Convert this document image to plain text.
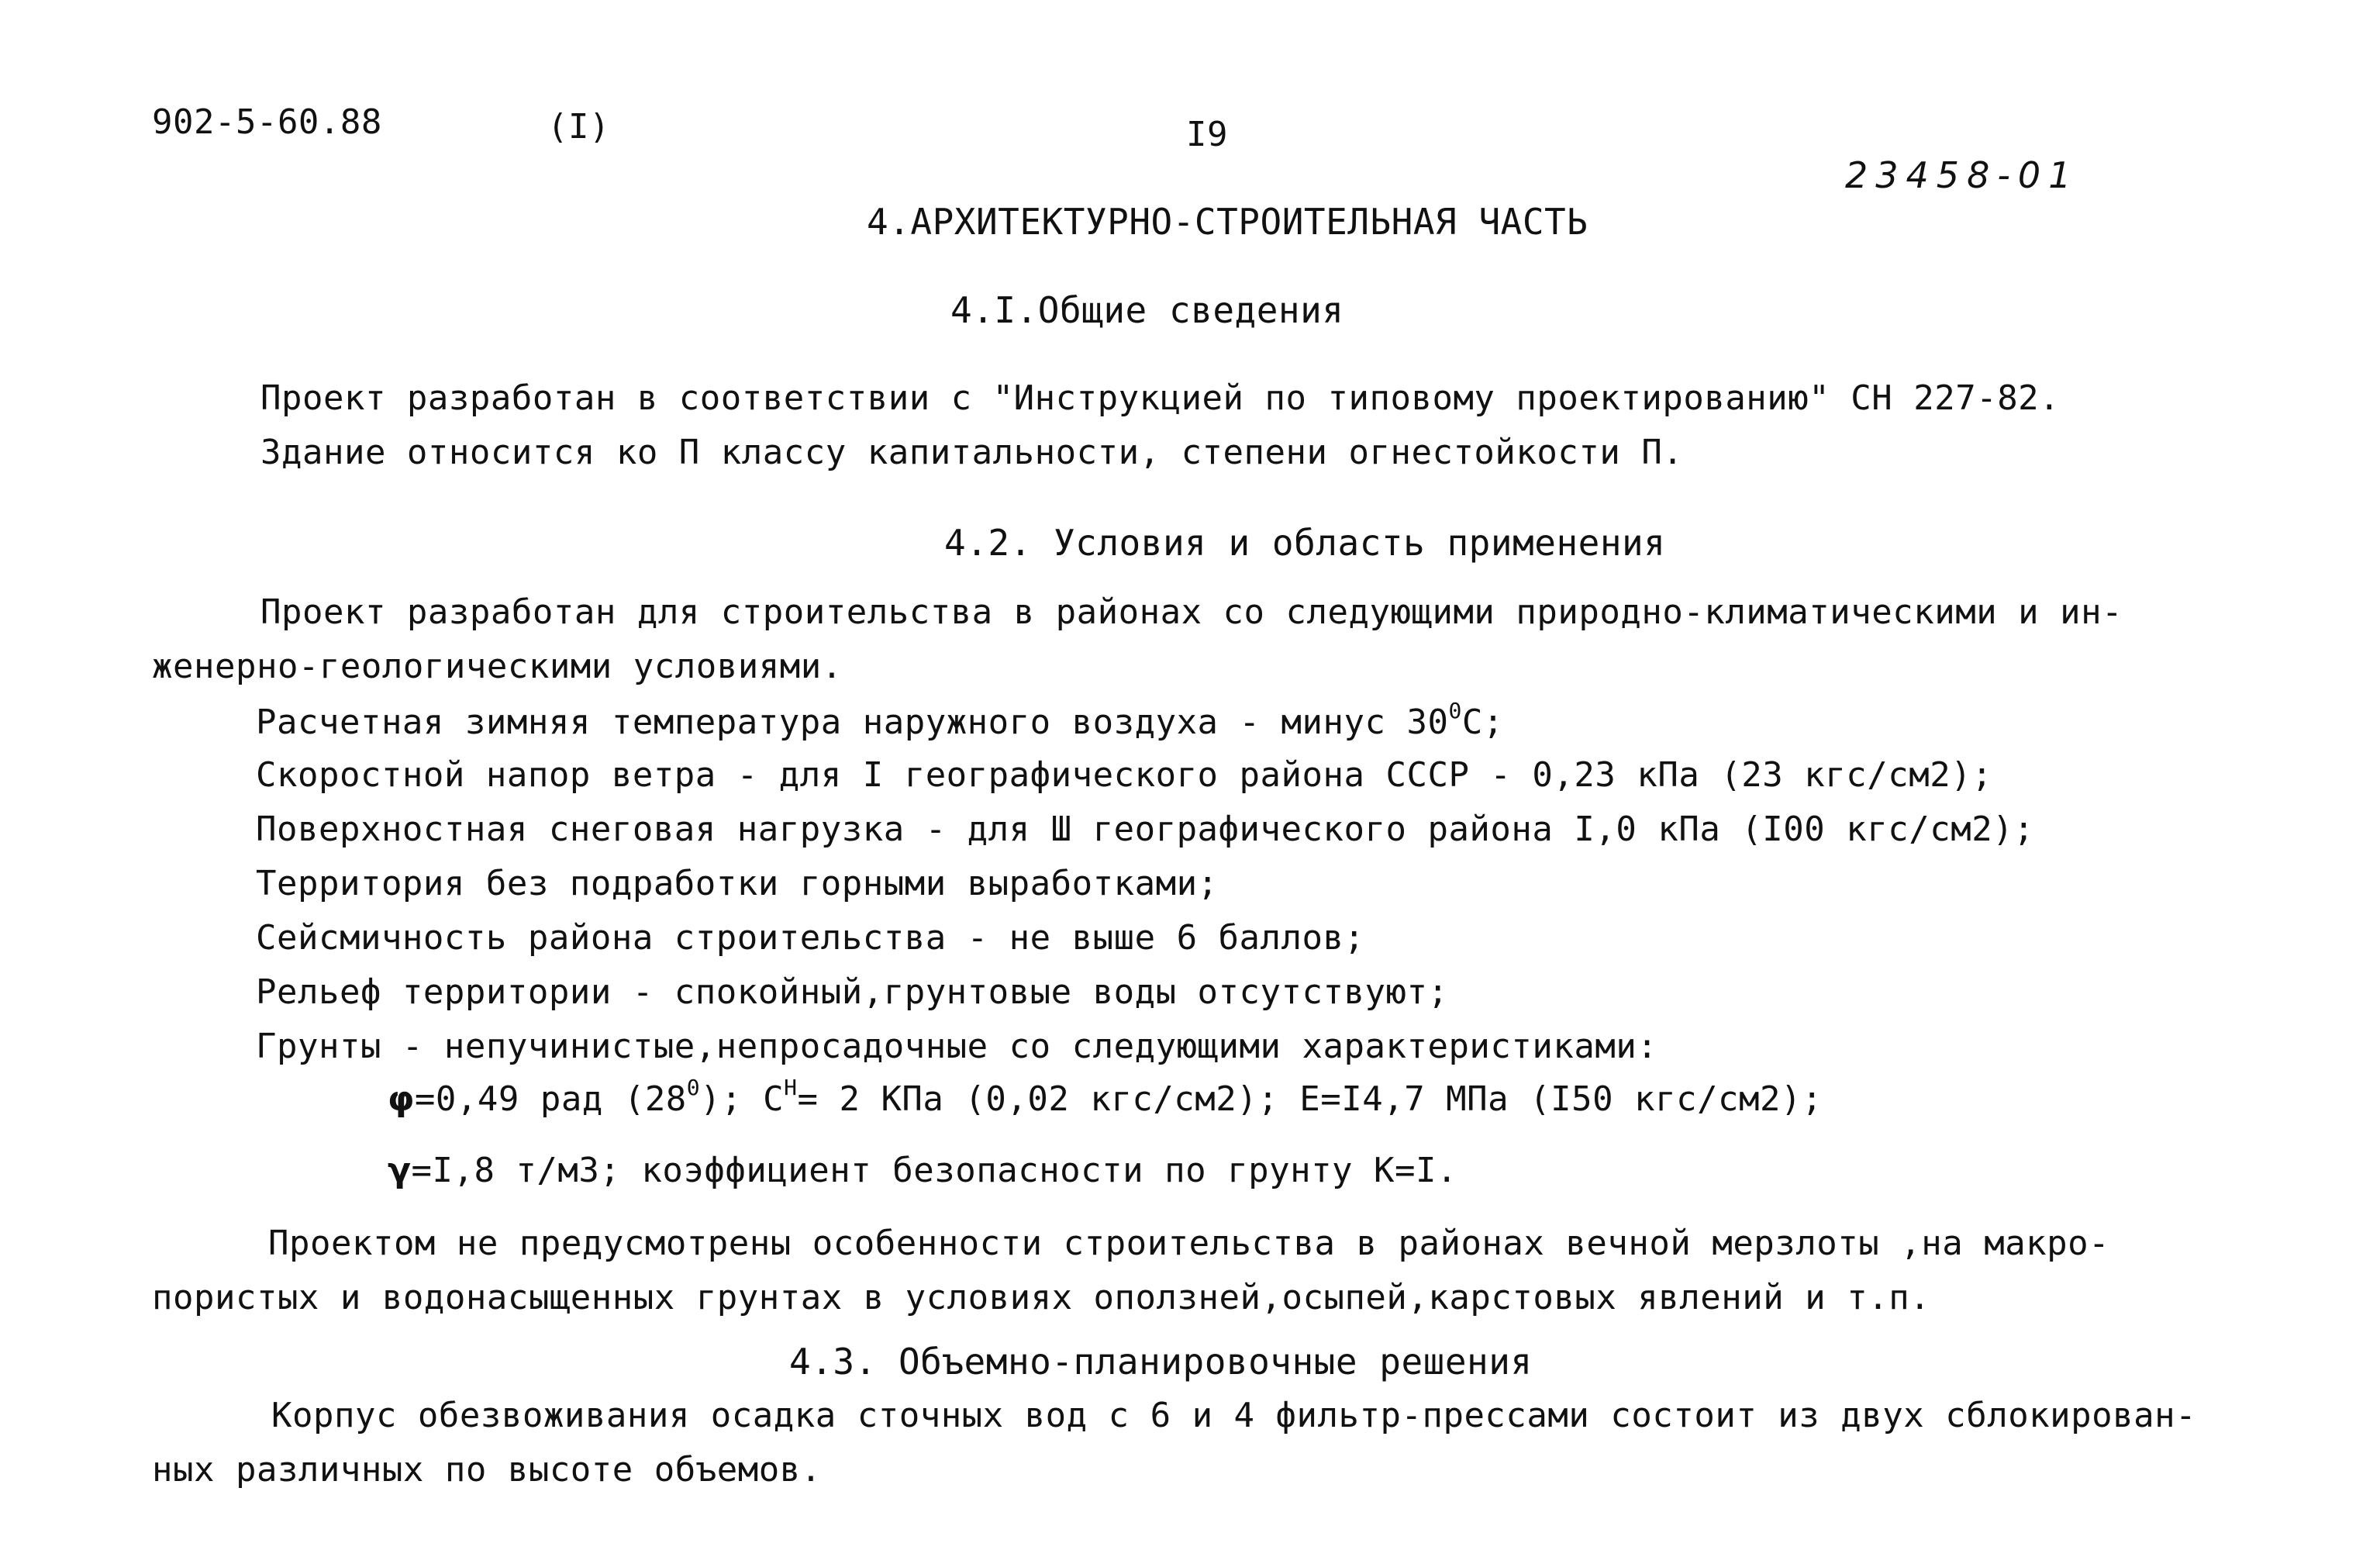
902-5-60.88	(I)	I9
23458-01
4.АРХИТЕКТУРНО-СТРОИТЕЛЬНАЯ ЧАСТЬ
4.I.Общие сведения
Проект разработан в соответствии с "Инструкцией по типовому проектированию" СН 227-82.
Здание относится ко П классу капитальности, степени огнестойкости П.
4.2. Условия и область применения
Проект разработан для строительства в районах со следующими природно-климатическими и ин-
женерно-геологическими условиями.
Расчетная зимняя температура наружного воздуха - минус $30^0С$;
Скоростной напор ветра - для I географического района СССР - 0,23 кПа (23 кгс/см2);
Поверхностная снеговая нагрузка - для Ш географического района I,0 кПа (I00 кгс/см2);
Территория без подработки горными выработками;
Сейсмичность района строительства - не выше 6 баллов;
Рельеф территории - спокойный,грунтовые воды отсутствуют;
Грунты - непучинистые,непросадочные со следующими характеристиками:
φ=0,49 рад $(28^0)$; $С^Н= 2$ КПа (0,02 кгс/см2); Е=I4,7 МПа (I50 кгс/см2);
γ=I,8 т/м3; коэффициент безопасности по грунту К=I.
Проектом не предусмотрены особенности строительства в районах вечной мерзлоты ,на макро-
пористых и водонасыщенных грунтах в условиях оползней,осыпей,карстовых явлений и т.п.
4.3. Объемно-планировочные решения
Корпус обезвоживания осадка сточных вод с 6 и 4 фильтр-прессами состоит из двух сблокирован-
ных различных по высоте объемов.
